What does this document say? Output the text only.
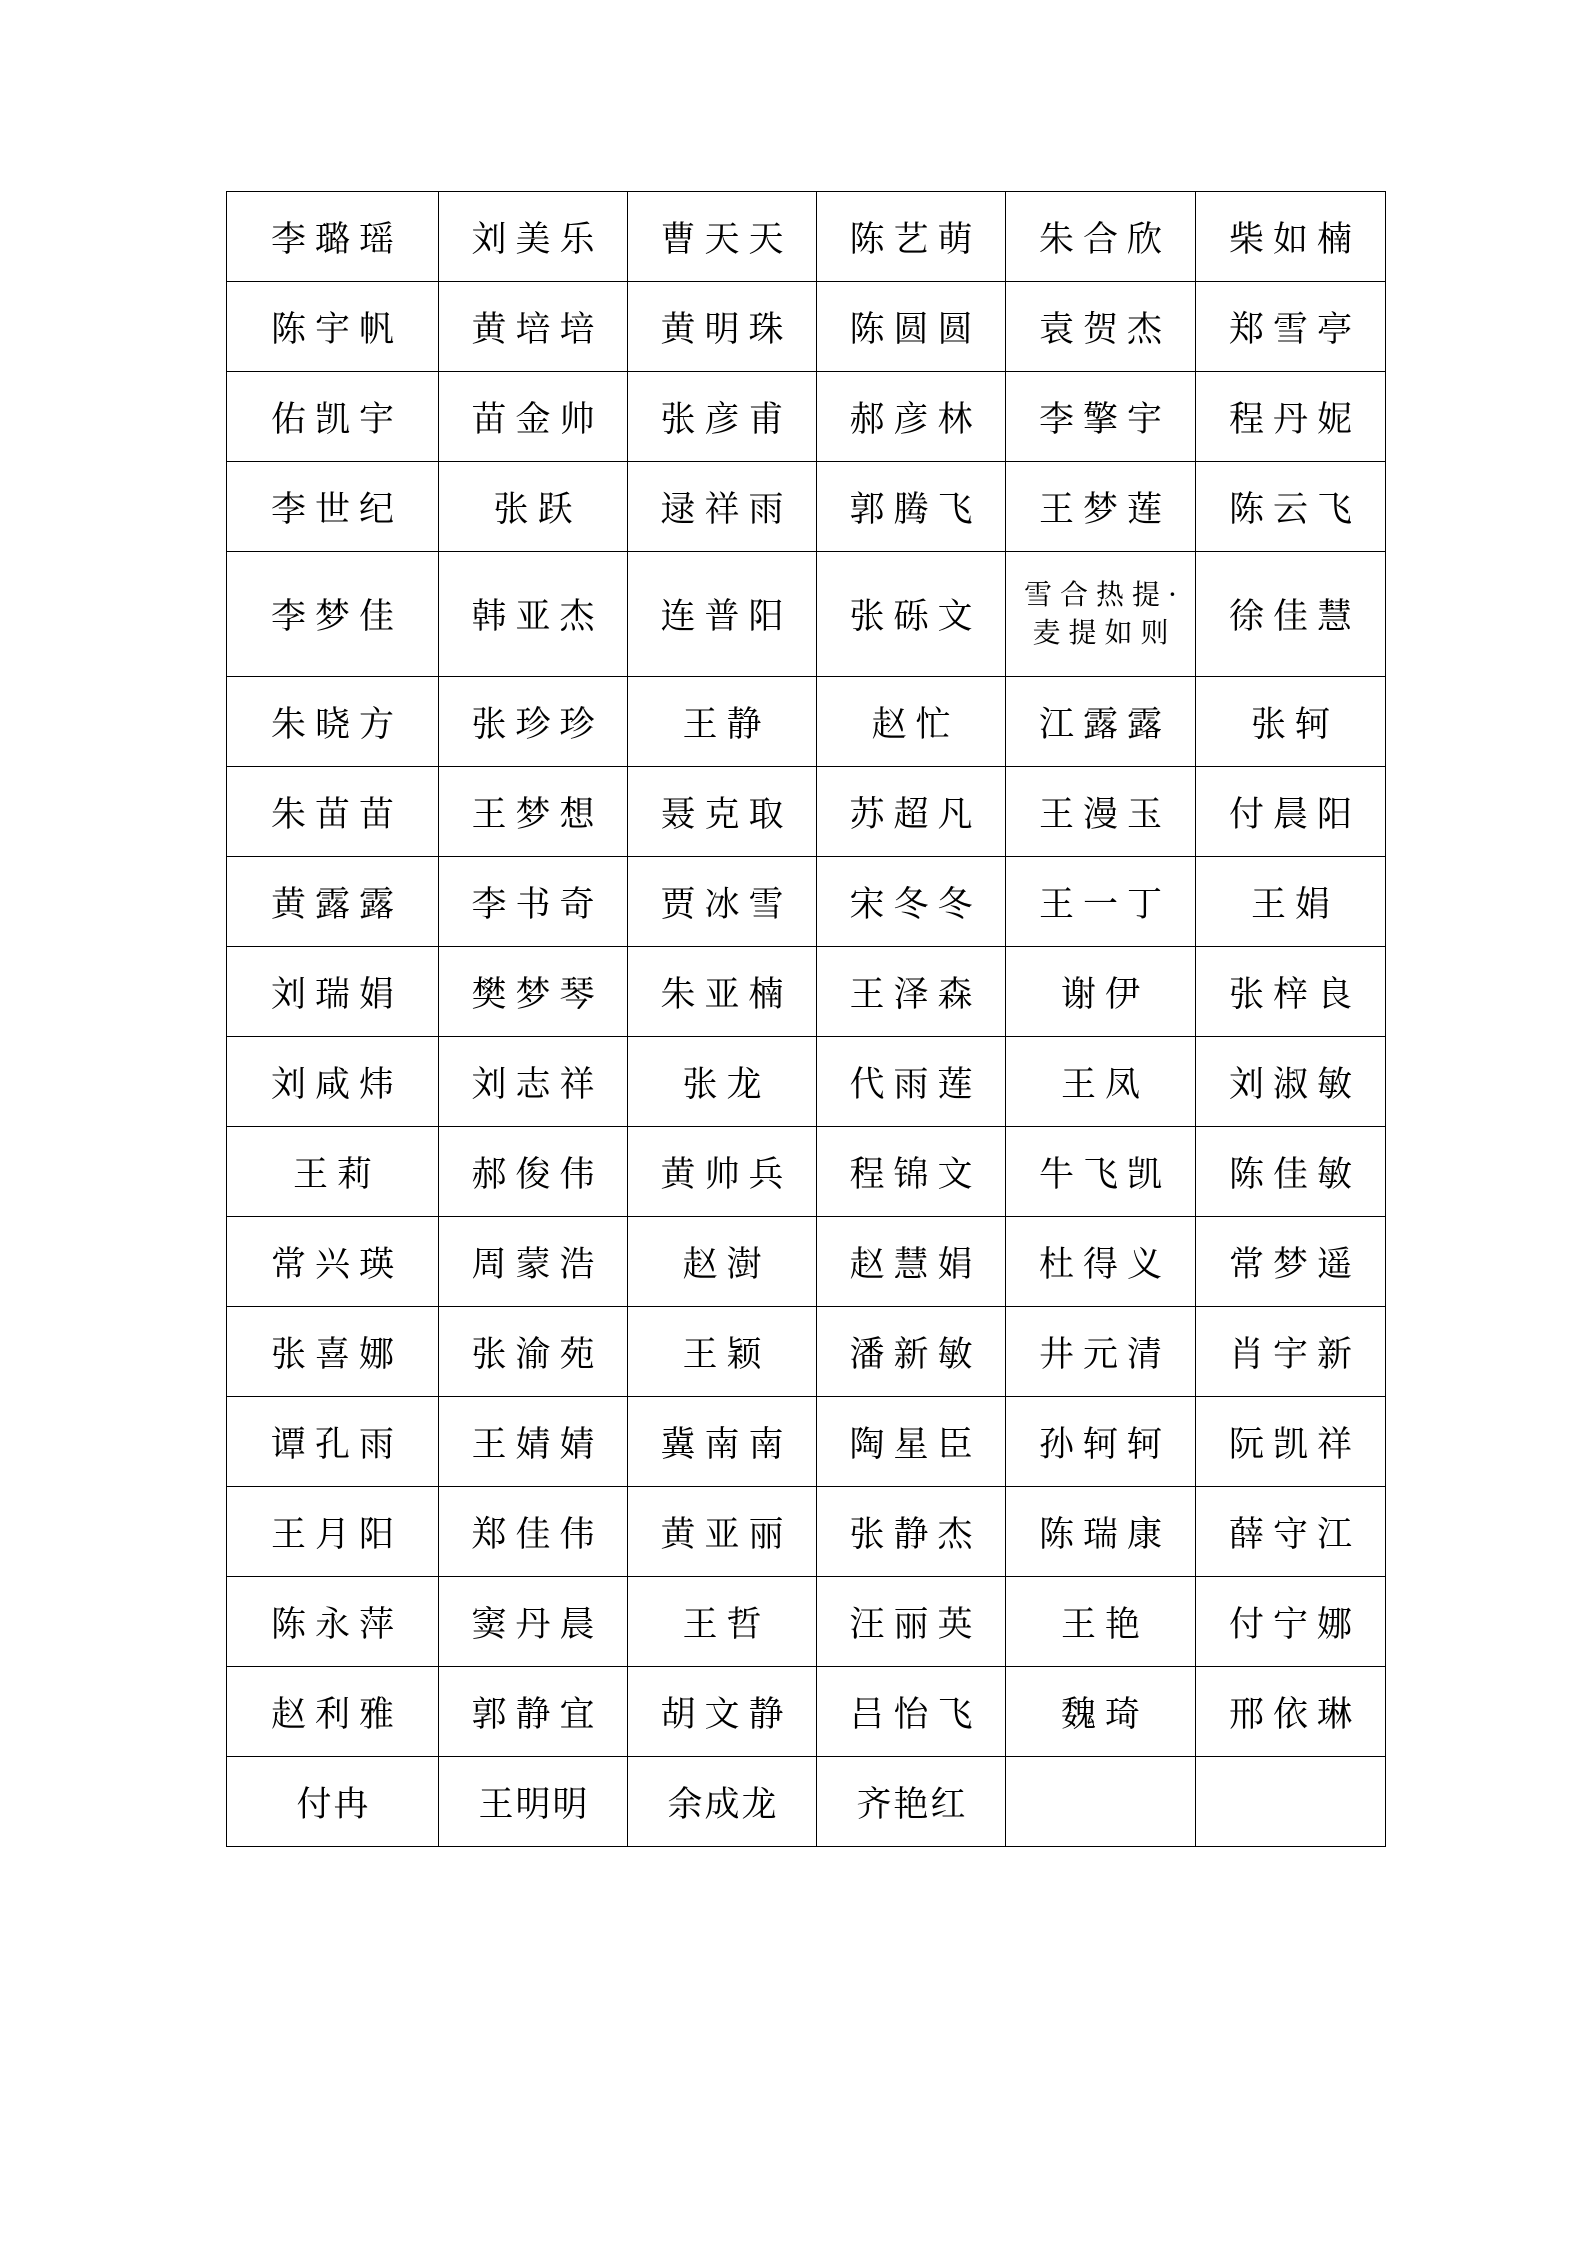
李璐瑶	刘美乐	曹天天	陈艺萌	朱合欣	柴如楠
陈宇帆	黄培培	黄明珠	陈圆圆	袁贺杰	郑雪亭
佑凯宇	苗金帅	张彦甫	郝彦林	李擎宇	程丹妮
李世纪	张跃	逯祥雨	郭腾飞	王梦莲	陈云飞
李梦佳	韩亚杰	连普阳	张砾文	雪合热提·麦提如则	徐佳慧
朱晓方	张珍珍	王静	赵忙	江露露	张轲
朱苗苗	王梦想	聂克取	苏超凡	王漫玉	付晨阳
黄露露	李书奇	贾冰雪	宋冬冬	王一丁	王娟
刘瑞娟	樊梦琴	朱亚楠	王泽森	谢伊	张梓良
刘咸炜	刘志祥	张龙	代雨莲	王凤	刘淑敏
王莉	郝俊伟	黄帅兵	程锦文	牛飞凯	陈佳敏
常兴瑛	周蒙浩	赵澍	赵慧娟	杜得义	常梦遥
张喜娜	张渝苑	王颖	潘新敏	井元清	肖宇新
谭孔雨	王婧婧	冀南南	陶星臣	孙轲轲	阮凯祥
王月阳	郑佳伟	黄亚丽	张静杰	陈瑞康	薛守江
陈永萍	窦丹晨	王哲	汪丽英	王艳	付宁娜
赵利雅	郭静宜	胡文静	吕怡飞	魏琦	邢依琳
付冉	王明明	余成龙	齐艳红		
